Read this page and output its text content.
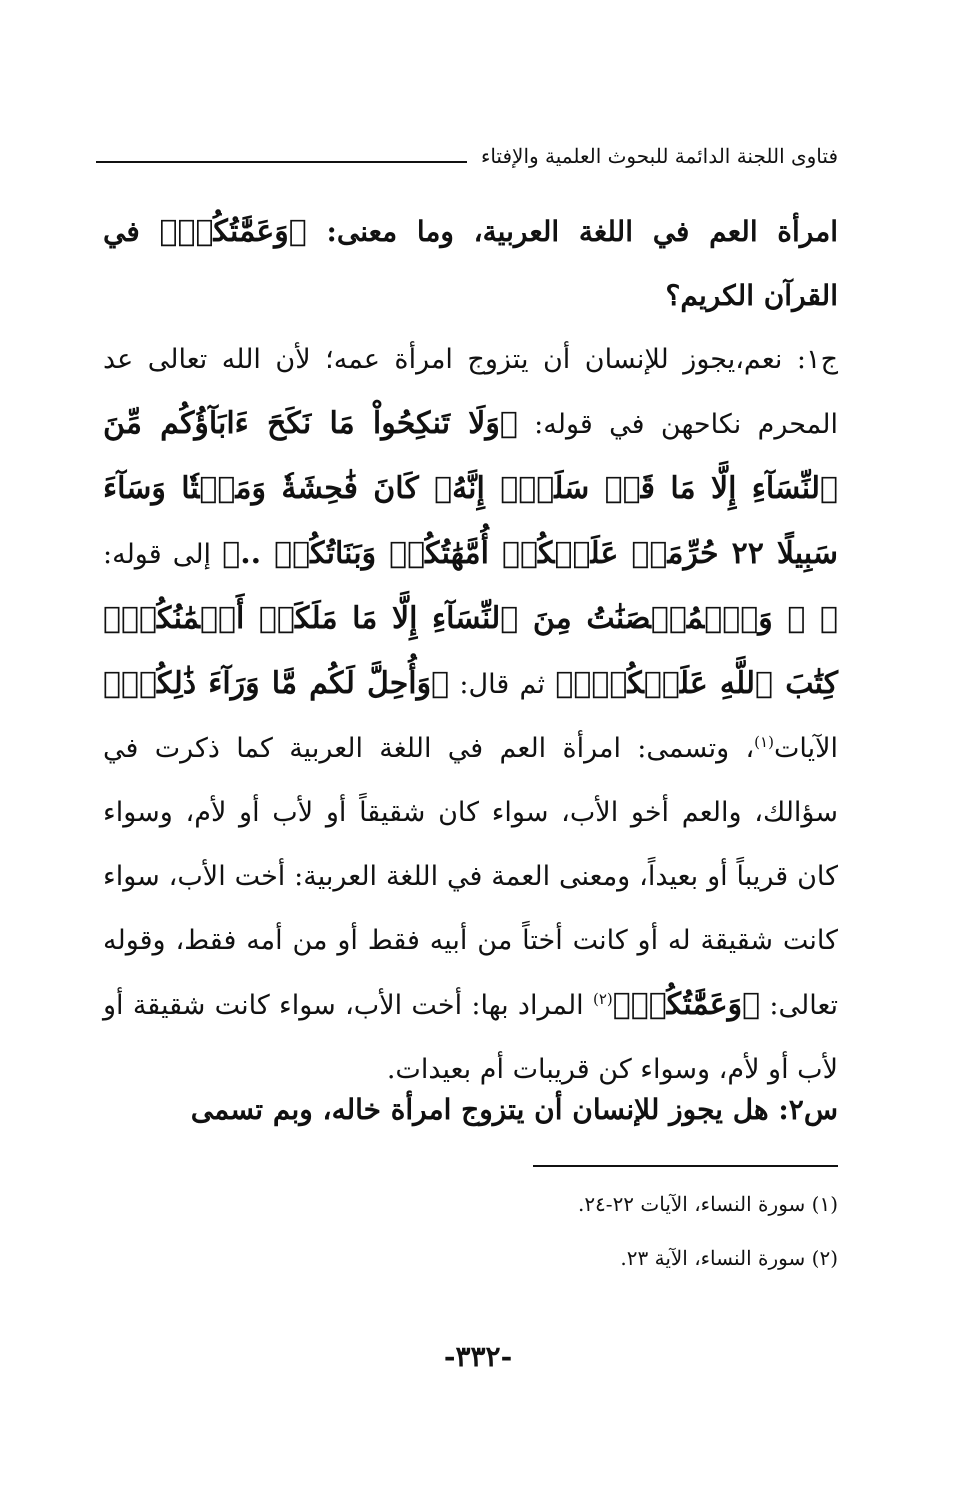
فتاوى اللجنة الدائمة للبحوث العلمية والإفتاء

امرأة العم في اللغة العربية، وما معنى: ﴿وَعَمَّٰتُكُمۡ﴾ في القرآن الكريم؟

ج١: نعم،يجوز للإنسان أن يتزوج امرأة عمه؛ لأن الله تعالى عد المحرم نكاحهن في قوله: ﴿وَلَا تَنكِحُواْ مَا نَكَحَ ءَابَآؤُكُم مِّنَ ٱلنِّسَآءِ إِلَّا مَا قَدۡ سَلَفَۚ إِنَّهُۥ كَانَ فَٰحِشَةٗ وَمَقۡتٗا وَسَآءَ سَبِيلًا ٢٢ حُرِّمَتۡ عَلَيۡكُمۡ أُمَّهَٰتُكُمۡ وَبَنَاتُكُمۡ ..﴾ إلى قوله: ﴿ ۞ وَٱلۡمُحۡصَنَٰتُ مِنَ ٱلنِّسَآءِ إِلَّا مَا مَلَكَتۡ أَيۡمَٰنُكُمۡۖ كِتَٰبَ ٱللَّهِ عَلَيۡكُمۡۚ﴾ ثم قال: ﴿وَأُحِلَّ لَكُم مَّا وَرَآءَ ذَٰلِكُمۡ﴾ الآيات$^{(١)}$، وتسمى: امرأة العم في اللغة العربية كما ذكرت في سؤالك، والعم أخو الأب، سواء كان شقيقاً أو لأب أو لأم، وسواء كان قريباً أو بعيداً، ومعنى العمة في اللغة العربية: أخت الأب، سواء كانت شقيقة له أو كانت أختاً من أبيه فقط أو من أمه فقط، وقوله تعالى: ﴿وَعَمَّٰتُكُمۡ﴾$^{(٢)}$ المراد بها: أخت الأب، سواء كانت شقيقة أو لأب أو لأم، وسواء كن قريبات أم بعيدات.

س٢: هل يجوز للإنسان أن يتزوج امرأة خاله، وبم تسمى

(١) سورة النساء، الآيات ٢٢-٢٤.
(٢) سورة النساء، الآية ٢٣.
-٣٣٢-
